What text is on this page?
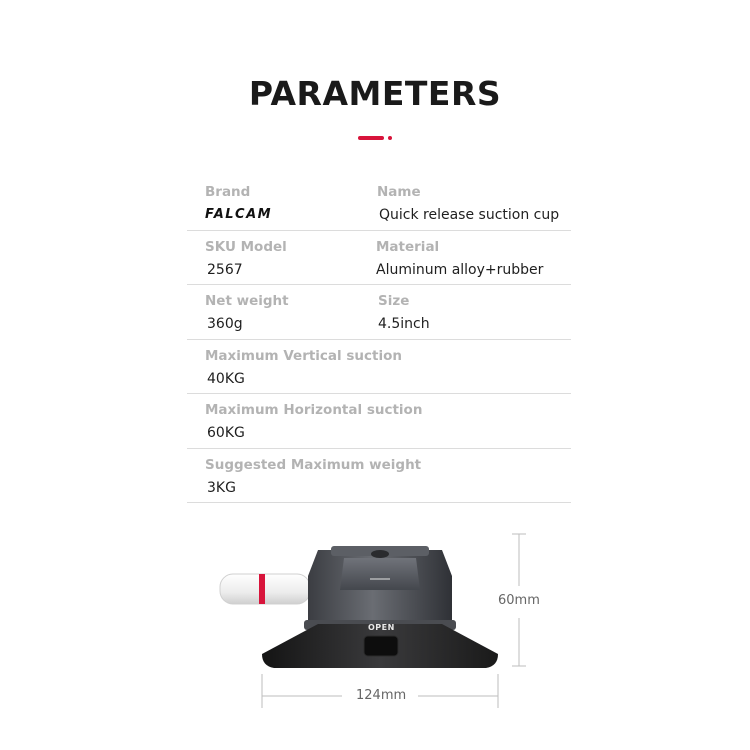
PARAMETERS
Brand
FALCAM
Name
Quick release suction cup
SKU Model
2567
Material
Aluminum alloy+rubber
Net weight
360g
Size
4.5inch
Maximum Vertical suction
40KG
Maximum Horizontal suction
60KG
Suggested Maximum weight
3KG
OPEN
60mm
124mm
